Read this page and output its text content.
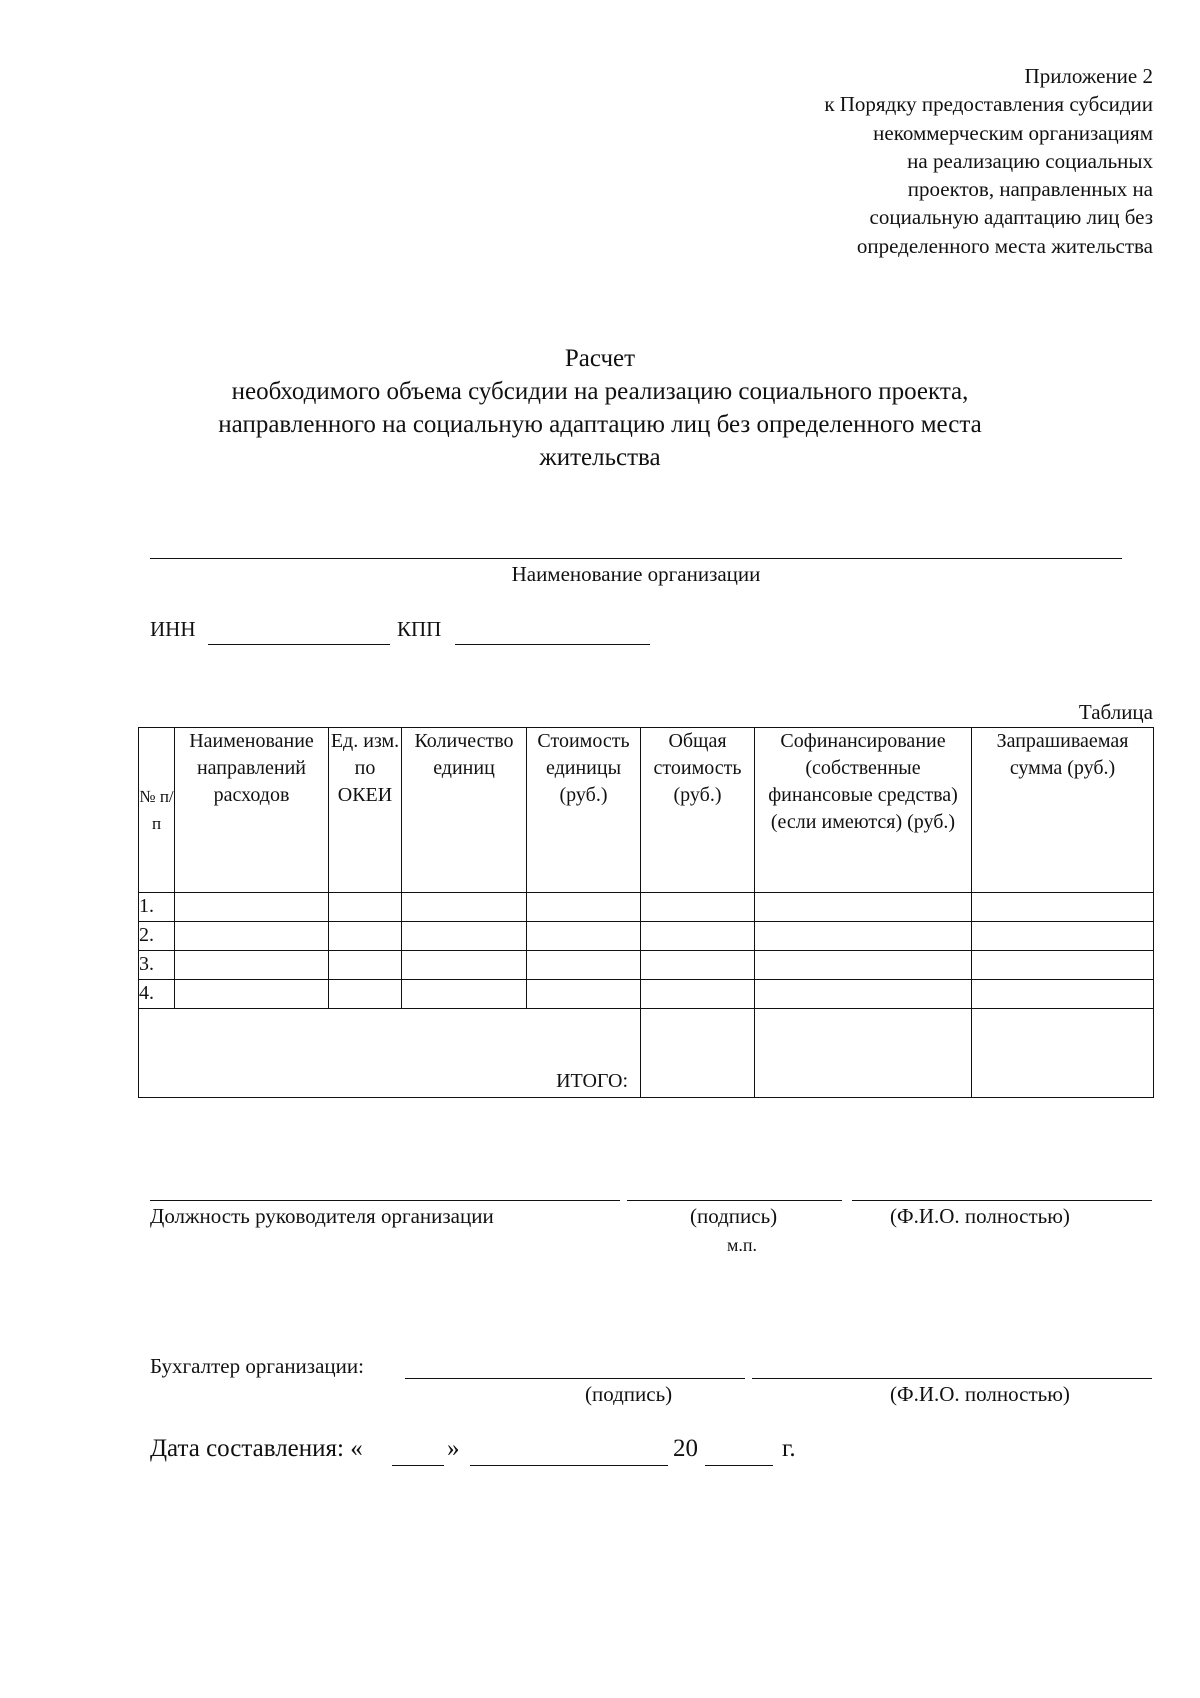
Приложение 2
к Порядку предоставления субсидии
некоммерческим организациям
на реализацию социальных
проектов, направленных на
социальную адаптацию лиц без
определенного места жительства
Расчет
необходимого объема субсидии на реализацию социального проекта,
направленного на социальную адаптацию лиц без определенного места
жительства
Наименование организации
ИНН	КПП
Таблица
№ п/п	Наименование направлений расходов	Ед. изм. по ОКЕИ	Количество единиц	Стоимость единицы (руб.)	Общая стоимость (руб.)	Софинансирование (собственные финансовые средства) (если имеются) (руб.)	Запрашиваемая сумма (руб.)

1.							
2.							
3.							
4.							
ИТОГО:							
Должность руководителя организации	(подпись)	(Ф.И.О. полностью)
м.п.
Бухгалтер организации:
(подпись)	(Ф.И.О. полностью)
Дата составления: «	»	20	г.
